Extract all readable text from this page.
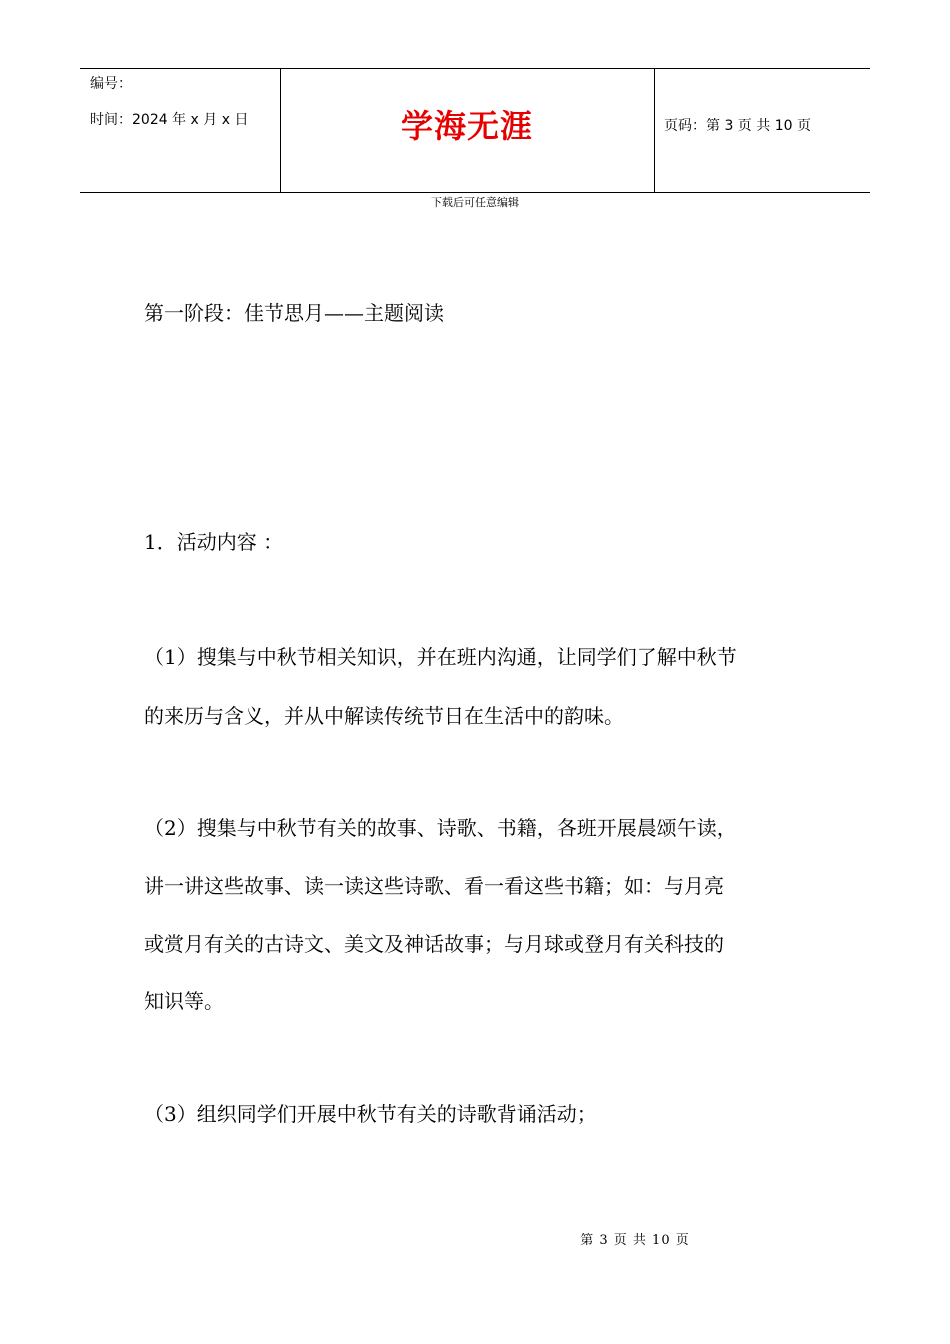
编号：
时间：2024 年 x 月 x 日	学海无涯	页码：第 3 页 共 10 页
下载后可任意编辑
第一阶段：佳节思月——主题阅读
1．活动内容 ：
（1）搜集与中秋节相关知识，并在班内沟通，让同学们了解中秋节
的来历与含义，并从中解读传统节日在生活中的韵味。
（2）搜集与中秋节有关的故事、诗歌、书籍，各班开展晨颂午读，
讲一讲这些故事、读一读这些诗歌、看一看这些书籍；如：与月亮
或赏月有关的古诗文、美文及神话故事；与月球或登月有关科技的
知识等。
（3）组织同学们开展中秋节有关的诗歌背诵活动；
第 3 页 共 10 页
